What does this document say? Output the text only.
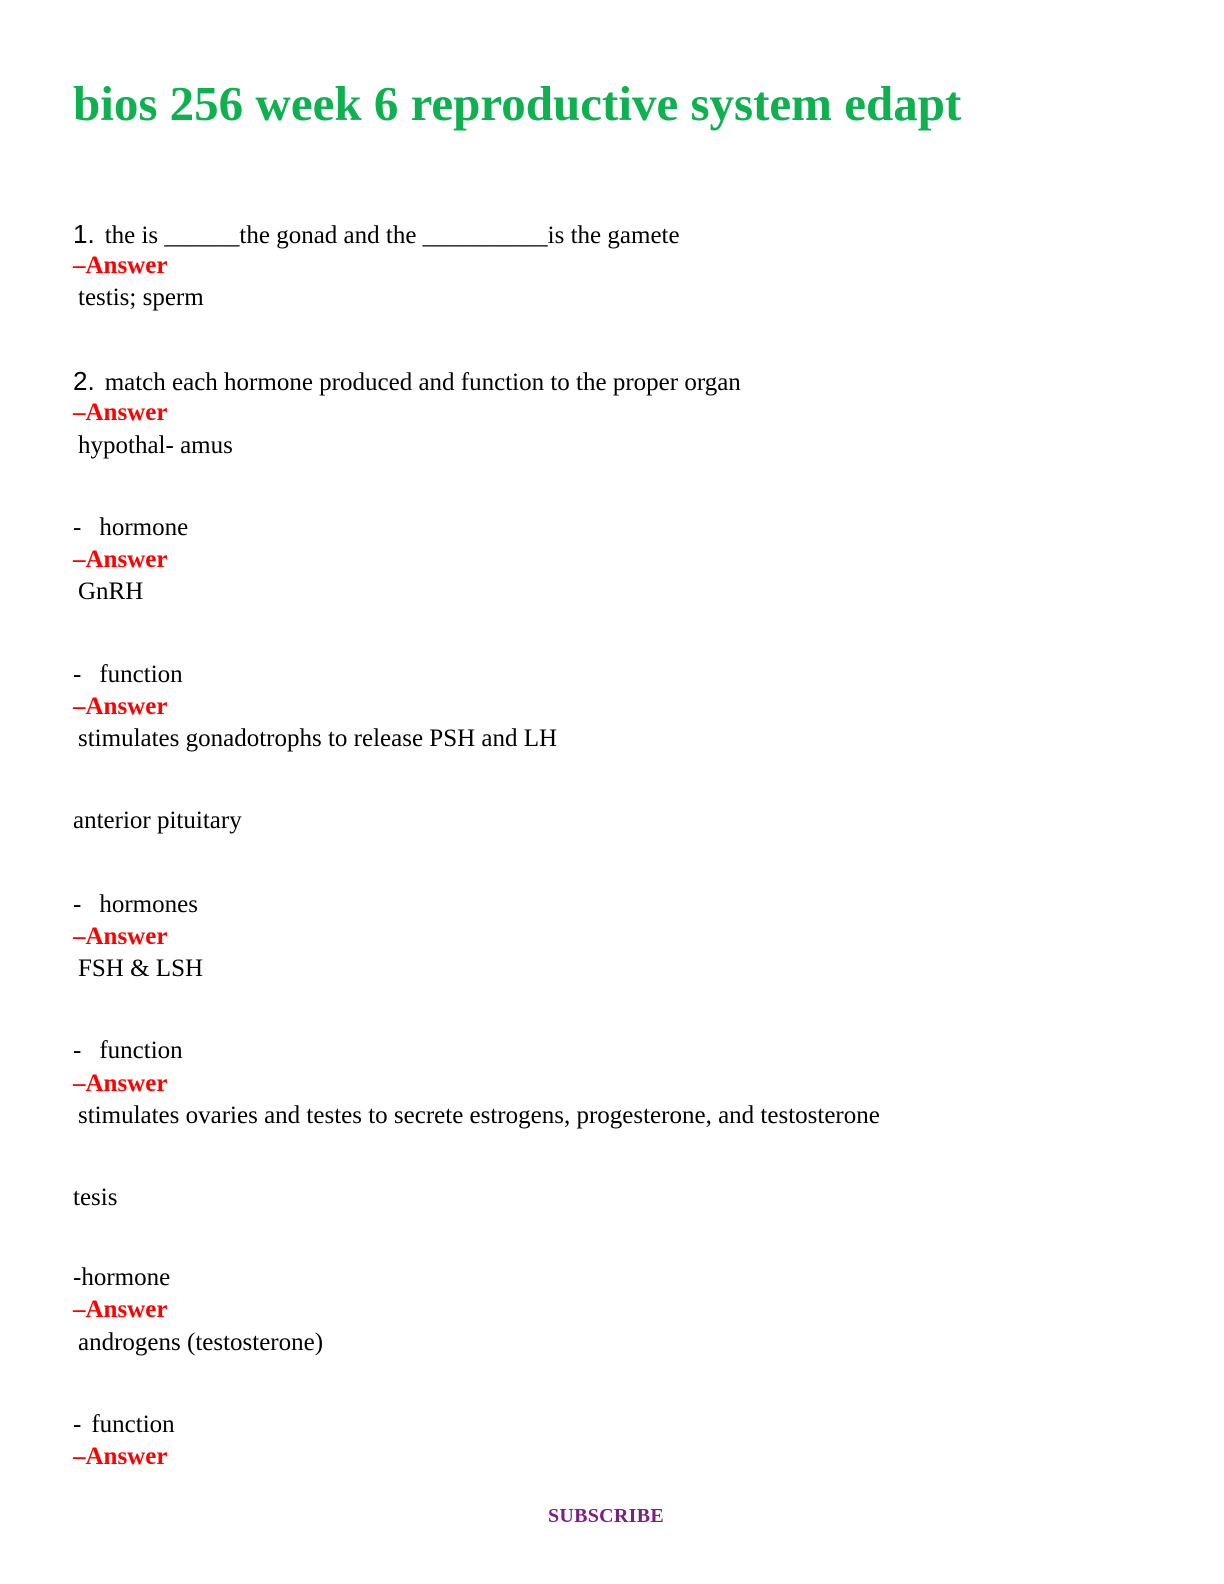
bios 256 week 6 reproductive system edapt

1. the is ______the gonad and the __________is the gamete

–Answer

testis; sperm

2. match each hormone produced and function to the proper organ

–Answer

hypothal- amus

- hormone

–Answer

GnRH

- function

–Answer

stimulates gonadotrophs to release PSH and LH

anterior pituitary

- hormones

–Answer

FSH & LSH

- function

–Answer

stimulates ovaries and testes to secrete estrogens, progesterone, and testosterone

tesis

-hormone

–Answer

androgens (testosterone)

- function

–Answer

SUBSCRIBE
